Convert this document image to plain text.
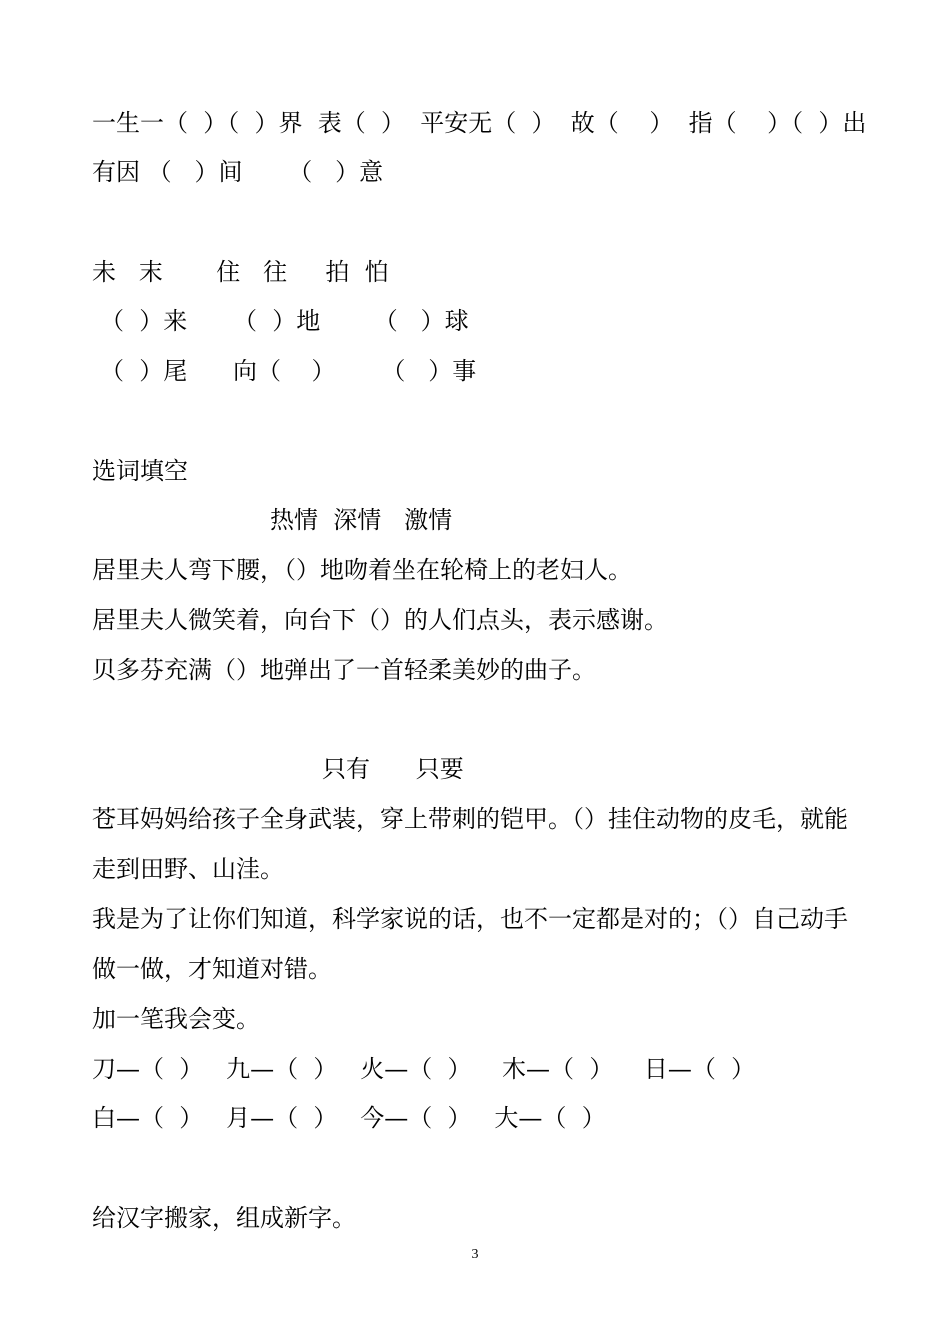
一生一（  ）（  ）界  表（  ）  平安无（  ）  故（    ）  指（    ）（  ）出
有因 （   ）间      （   ）意
未   末       住   往     拍  怕
（  ）来      （  ）地       （   ）球
（  ）尾      向（    ）      （   ）事
选词填空
热情  深情   激情
居里夫人弯下腰，（）地吻着坐在轮椅上的老妇人。
居里夫人微笑着，向台下（）的人们点头，表示感谢。
贝多芬充满（）地弹出了一首轻柔美妙的曲子。
只有      只要
苍耳妈妈给孩子全身武装，穿上带刺的铠甲。（）挂住动物的皮毛，就能
走到田野、山洼。
我是为了让你们知道，科学家说的话，也不一定都是对的；（）自己动手
做一做，才知道对错。
加一笔我会变。
刀—（  ）   九—（  ）   火—（  ）    木—（  ）    日—（  ）
白—（  ）   月—（  ）   今—（  ）   大—（  ）
给汉字搬家，组成新字。
3
